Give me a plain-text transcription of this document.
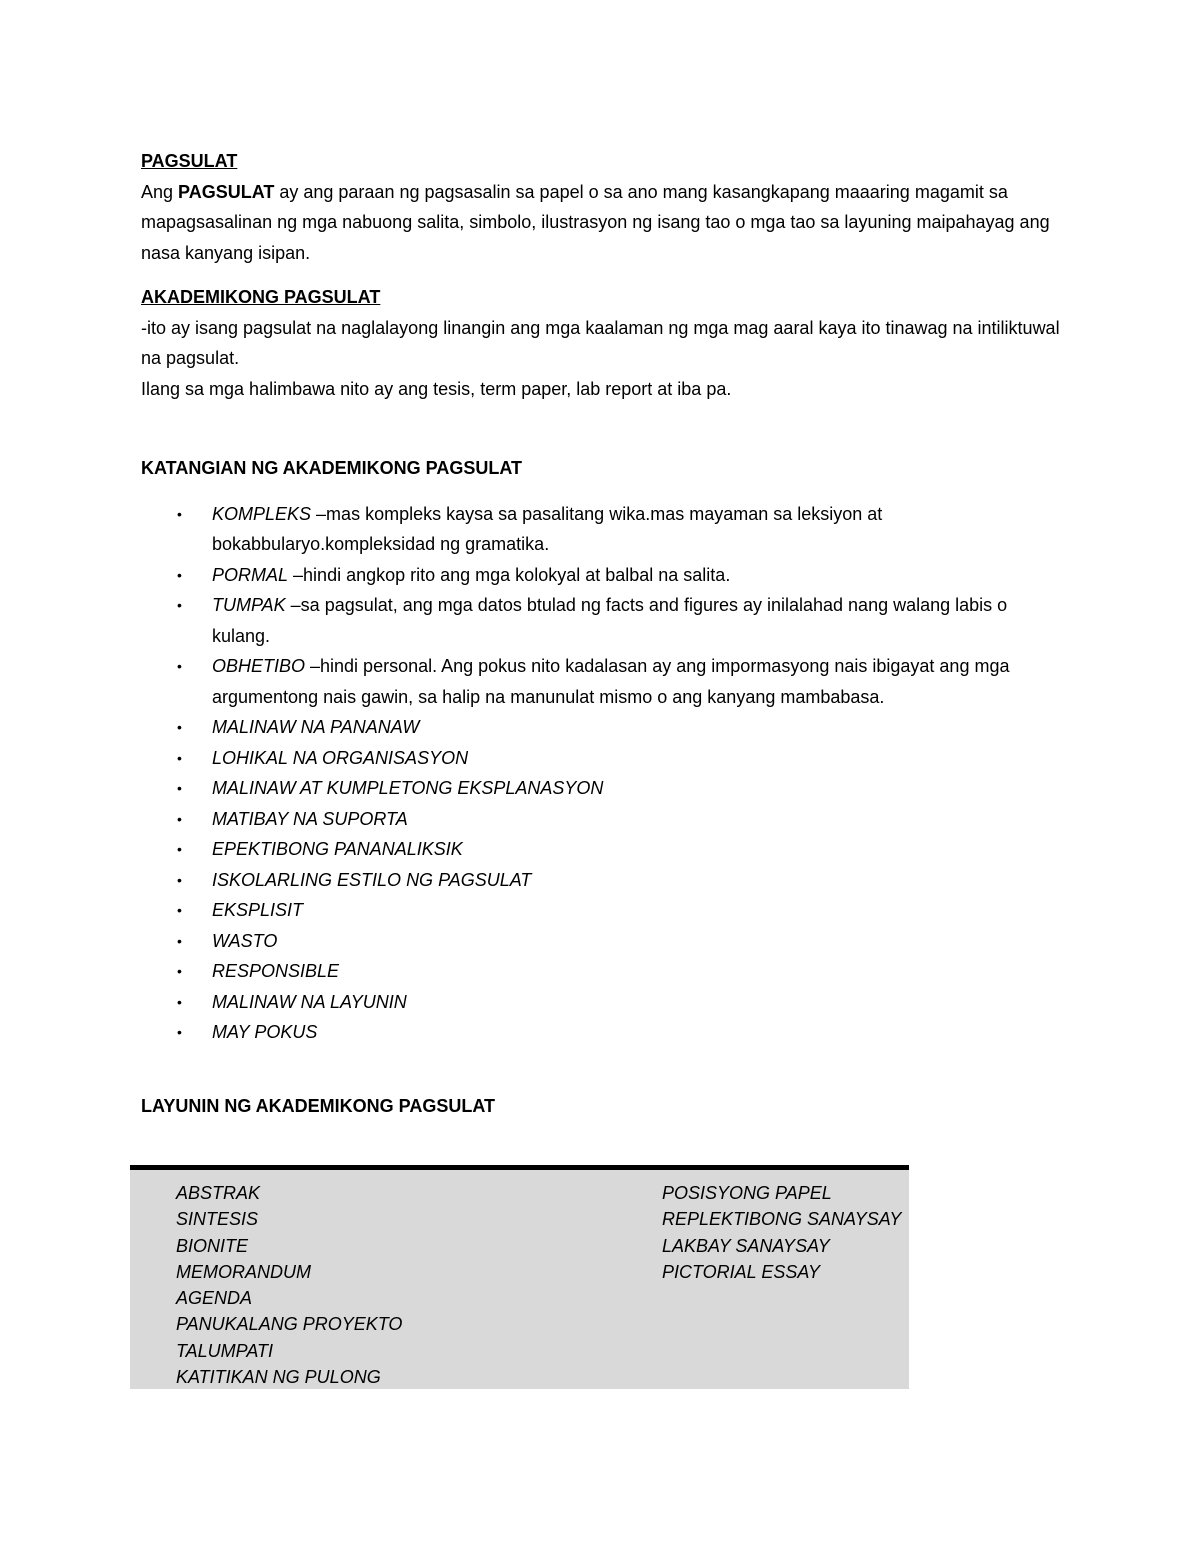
PAGSULAT

Ang PAGSULAT ay ang paraan ng pagsasalin sa papel o sa ano mang kasangkapang maaaring magamit sa mapagsasalinan ng mga nabuong salita, simbolo, ilustrasyon ng isang tao o mga tao sa layuning maipahayag ang nasa kanyang isipan.

AKADEMIKONG PAGSULAT

-ito ay isang pagsulat na naglalayong linangin ang mga kaalaman ng mga mag aaral kaya ito tinawag na intiliktuwal na pagsulat.

Ilang sa mga halimbawa nito ay ang tesis, term paper, lab report at iba pa.

KATANGIAN NG AKADEMIKONG PAGSULAT

• KOMPLEKS –mas kompleks kaysa sa pasalitang wika.mas mayaman sa leksiyon at bokabbularyo.kompleksidad ng gramatika.
• PORMAL –hindi angkop rito ang mga kolokyal at balbal na salita.
• TUMPAK –sa pagsulat, ang mga datos btulad ng facts and figures ay inilalahad nang walang labis o kulang.
• OBHETIBO –hindi personal. Ang pokus nito kadalasan ay ang impormasyong nais ibigayat ang mga argumentong nais gawin, sa halip na manunulat mismo o ang kanyang mambabasa.
• MALINAW NA PANANAW
• LOHIKAL NA ORGANISASYON
• MALINAW AT KUMPLETONG EKSPLANASYON
• MATIBAY NA SUPORTA
• EPEKTIBONG PANANALIKSIK
• ISKOLARLING ESTILO NG PAGSULAT
• EKSPLISIT
• WASTO
• RESPONSIBLE
• MALINAW NA LAYUNIN
• MAY POKUS

LAYUNIN NG AKADEMIKONG PAGSULAT

ABSTRAK
SINTESIS
BIONITE
MEMORANDUM
AGENDA
PANUKALANG PROYEKTO
TALUMPATI
KATITIKAN NG PULONG
POSISYONG PAPEL
REPLEKTIBONG SANAYSAY
LAKBAY SANAYSAY
PICTORIAL ESSAY
